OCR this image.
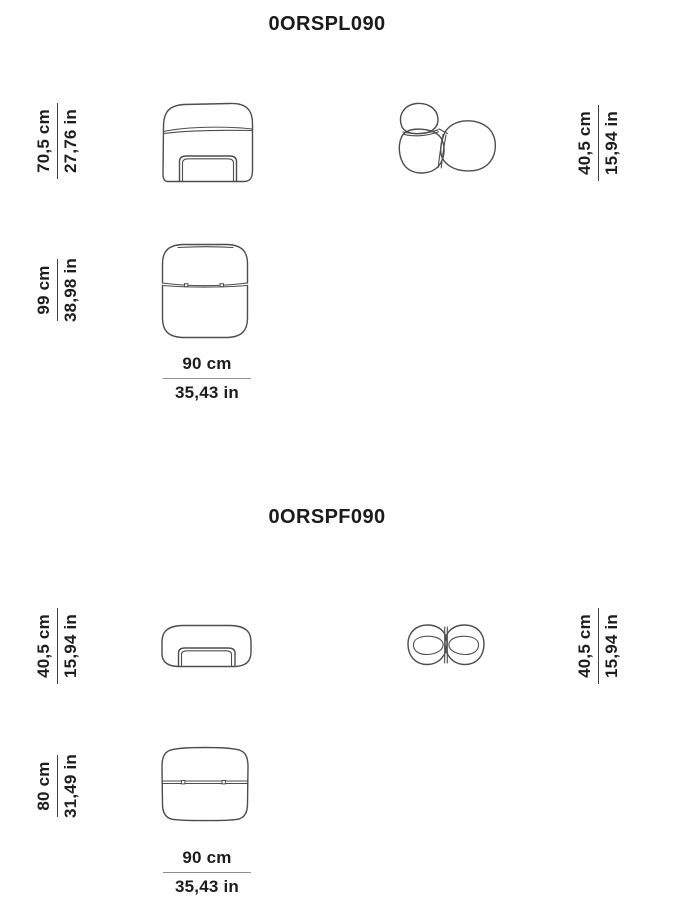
0ORSPL090
70,5 cm 27,76 in	40,5 cm 15,94 in
99 cm 38,98 in
90 cm
35,43 in
0ORSPF090
40,5 cm 15,94 in	40,5 cm 15,94 in
80 cm 31,49 in
90 cm
35,43 in
